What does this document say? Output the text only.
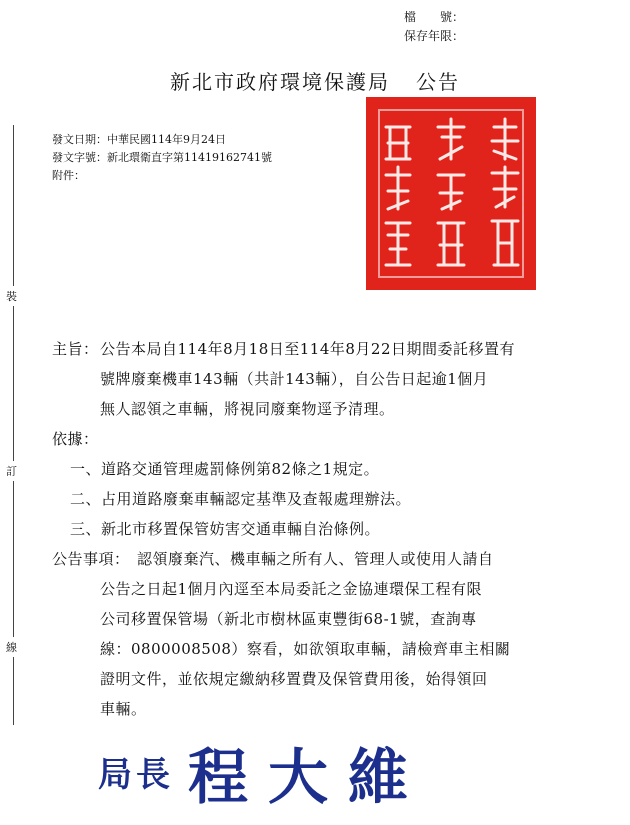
檔　　號：
保存年限：
新北市政府環境保護局 公告
裝
訂
線
發文日期：中華民國114年9月24日
發文字號：新北環衛直字第11419162741號
附件：
主旨： 公告本局自114年8月18日至114年8月22日期間委託移置有
號牌廢棄機車143輛（共計143輛），自公告日起逾1個月
無人認領之車輛，將視同廢棄物逕予清理。
依據：
一、道路交通管理處罰條例第82條之1規定。
二、占用道路廢棄車輛認定基準及查報處理辦法。
三、新北市移置保管妨害交通車輛自治條例。
公告事項： 認領廢棄汽、機車輛之所有人、管理人或使用人請自
公告之日起1個月內逕至本局委託之金協連環保工程有限
公司移置保管場（新北市樹林區東豐街68-1號，查詢專
線：0800008508）察看，如欲領取車輛，請檢齊車主相關
證明文件，並依規定繳納移置費及保管費用後，始得領回
車輛。
局長 程大維
